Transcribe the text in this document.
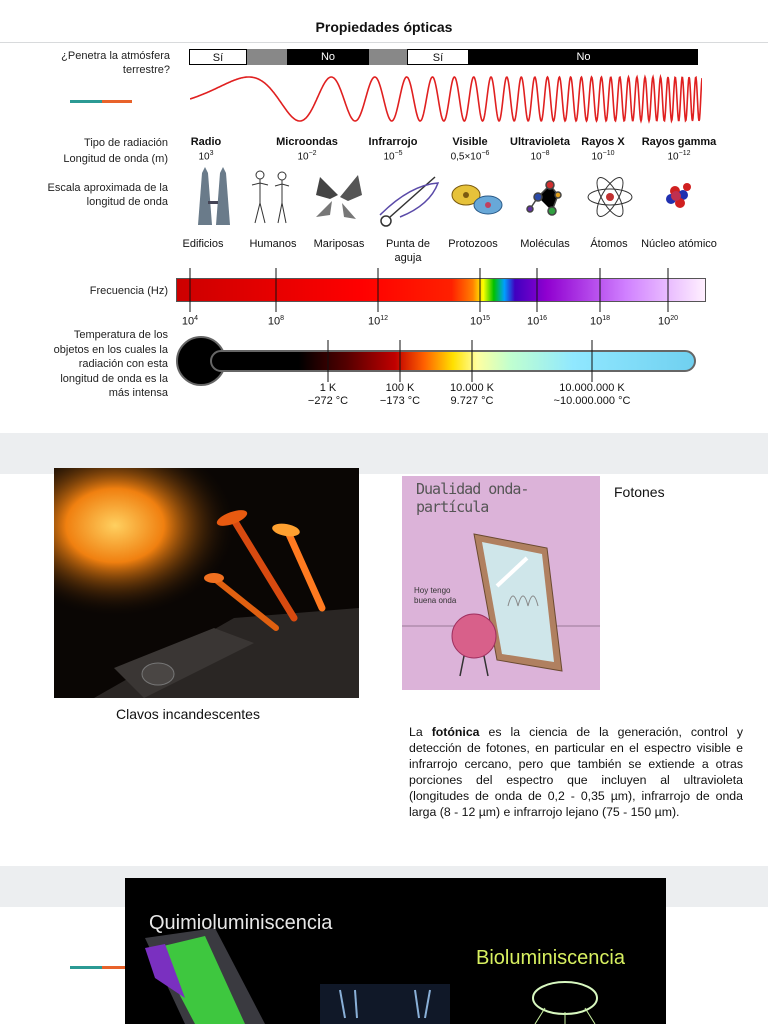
Propiedades ópticas
¿Penetra la atmósfera terrestre?
Sí	No	Sí	No
Tipo de radiación
Longitud de onda (m)
Escala aproximada de la longitud de onda
Radio
$10^3$
Microondas
$10^{-2}$
Infrarrojo
$10^{-5}$
Visible
$0,5\times 10^{-6}$
Ultravioleta
$10^{-8}$
Rayos X
$10^{-10}$
Rayos gamma
$10^{-12}$
Edificios	Humanos	Mariposas	Punta de aguja
Protozoos	Moléculas	Átomos	Núcleo atómico
Frecuencia (Hz)
$10^4$	$10^8$	$10^{12}$	$10^{15}$	$10^{16}$	$10^{18}$	$10^{20}$
Temperatura de los objetos en los cuales la radiación con esta longitud de onda es la más intensa	1 K
−272 °C
100 K
−173 °C
10.000 K
9.727 °C
10.000.000 K
~10.000.000 °C
Clavos incandescentes
Dualidad onda-partícula
Hoy tengo buena onda
Fotones
La fotónica es la ciencia de la generación, control y detección de fotones, en particular en el espectro visible e infrarrojo cercano, pero que también se extiende a otras porciones del espectro que incluyen al ultravioleta (longitudes de onda de 0,2 - 0,35 µm), infrarrojo de onda larga (8 - 12 µm) e infrarrojo lejano (75 - 150 µm).
Quimioluminiscencia
Bioluminiscencia
